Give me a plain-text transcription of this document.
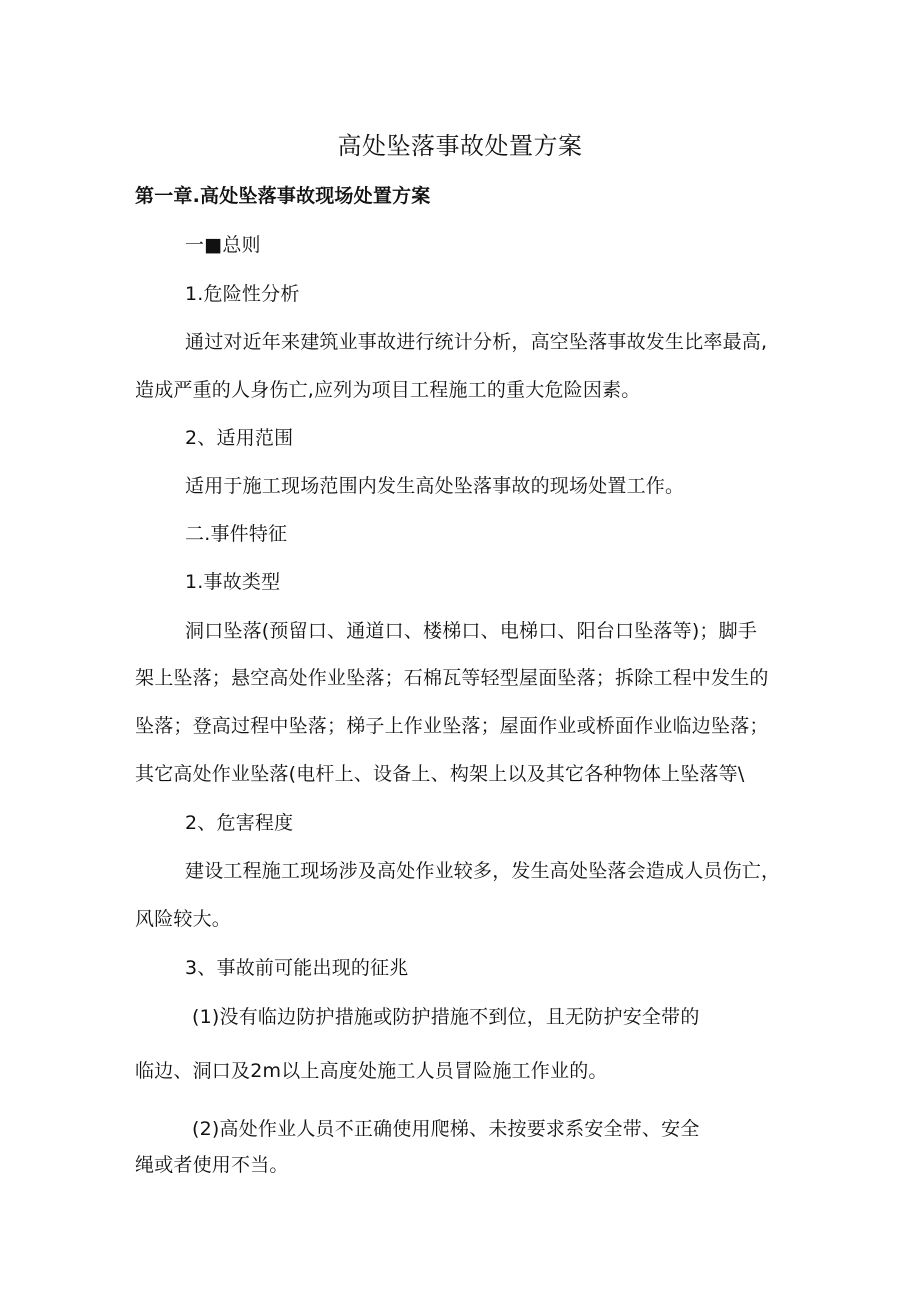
高处坠落事故处置方案
第一章.高处坠落事故现场处置方案
一■总则
1.危险性分析
通过对近年来建筑业事故进行统计分析，高空坠落事故发生比率最高,
造成严重的人身伤亡,应列为项目工程施工的重大危险因素。
2、适用范围
适用于施工现场范围内发生高处坠落事故的现场处置工作。
二.事件特征
1.事故类型
洞口坠落(预留口、通道口、楼梯口、电梯口、阳台口坠落等)；脚手
架上坠落；悬空高处作业坠落；石棉瓦等轻型屋面坠落；拆除工程中发生的
坠落；登高过程中坠落；梯子上作业坠落；屋面作业或桥面作业临边坠落；
其它高处作业坠落(电杆上、设备上、构架上以及其它各种物体上坠落等\
2、危害程度
建设工程施工现场涉及高处作业较多，发生高处坠落会造成人员伤亡，
风险较大。
3、事故前可能出现的征兆
(1)没有临边防护措施或防护措施不到位，且无防护安全带的
临边、洞口及2m以上高度处施工人员冒险施工作业的。
(2)高处作业人员不正确使用爬梯、未按要求系安全带、安全
绳或者使用不当。
